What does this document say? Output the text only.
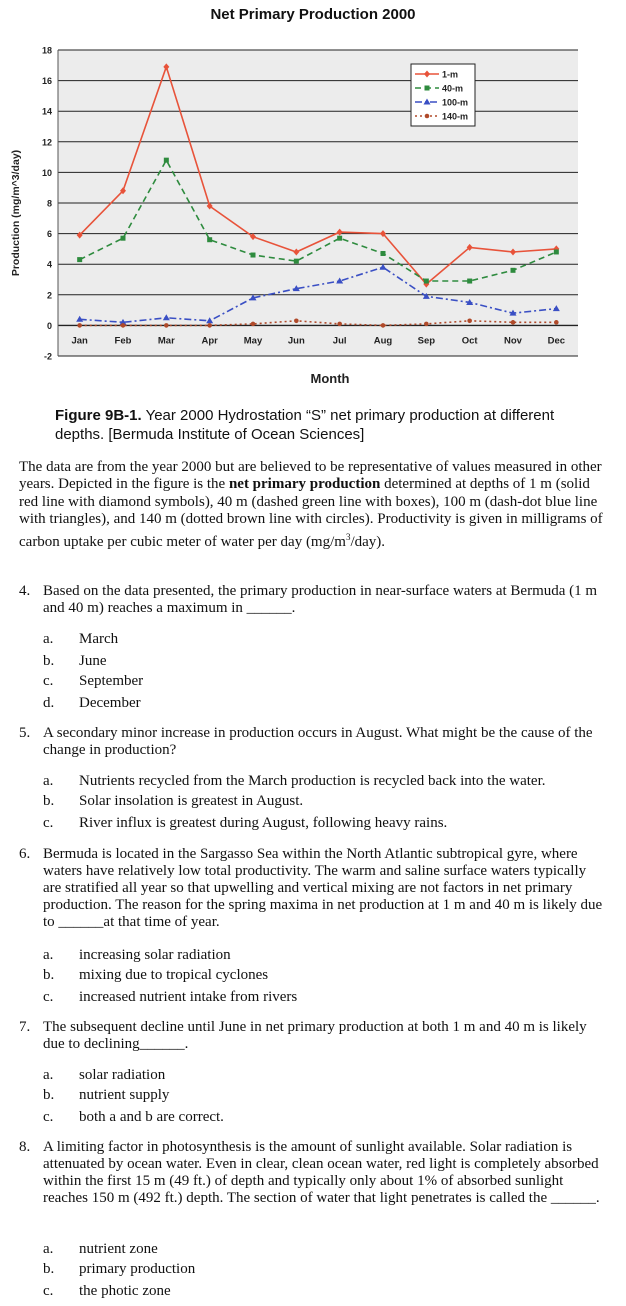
Net Primary Production 2000
-2
0
2
4
6
8
10
12
14
16
18
Jan	Feb	Mar	Apr	May	Jun	Jul	Aug	Sep	Oct	Nov	Dec
Month
Production (mg/m^3/day)
1-m
40-m
100-m
140-m
Figure 9B-1. Year 2000 Hydrostation “S” net primary production at different depths. [Bermuda Institute of Ocean Sciences]
The data are from the year 2000 but are believed to be representative of values measured in other years. Depicted in the figure is the net primary production determined at depths of 1 m (solid red line with diamond symbols), 40 m (dashed green line with boxes), 100 m (dash-dot blue line with triangles), and 140 m (dotted brown line with circles). Productivity is given in milligrams of carbon uptake per cubic meter of water per day $(mg/m^3/day)$.
4. Based on the data presented, the primary production in near-surface waters at Bermuda (1 m and 40 m) reaches a maximum in ______.
a. March
b. June
c. September
d. December
5. A secondary minor increase in production occurs in August. What might be the cause of the change in production?
a. Nutrients recycled from the March production is recycled back into the water.
b. Solar insolation is greatest in August.
c. River influx is greatest during August, following heavy rains.
6. Bermuda is located in the Sargasso Sea within the North Atlantic subtropical gyre, where waters have relatively low total productivity. The warm and saline surface waters typically are stratified all year so that upwelling and vertical mixing are not factors in net primary production. The reason for the spring maxima in net production at 1 m and 40 m is likely due to ______at that time of year.
a. increasing solar radiation
b. mixing due to tropical cyclones
c. increased nutrient intake from rivers
7. The subsequent decline until June in net primary production at both 1 m and 40 m is likely due to declining______.
a. solar radiation
b. nutrient supply
c. both a and b are correct.
8. A limiting factor in photosynthesis is the amount of sunlight available. Solar radiation is attenuated by ocean water. Even in clear, clean ocean water, red light is completely absorbed within the first 15 m (49 ft.) of depth and typically only about 1% of absorbed sunlight reaches 150 m (492 ft.) depth. The section of water that light penetrates is called the ______.
a. nutrient zone
b. primary production
c. the photic zone
